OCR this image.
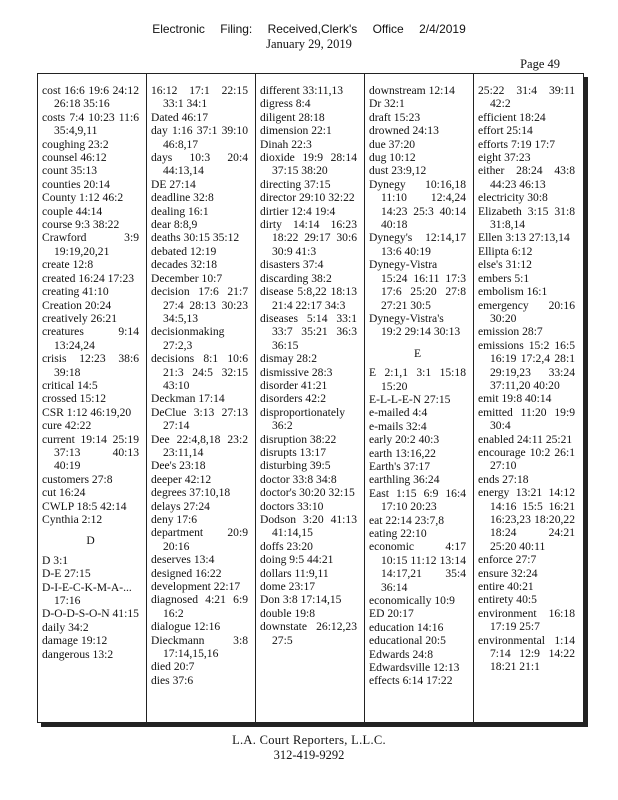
Electronic Filing: Received,Clerk's Office 2/4/2019
January 29, 2019
Page 49

cost 16:6 19:6 24:12 26:18 35:16

costs 7:4 10:23 11:6 35:4,9,11

coughing 23:2

counsel 46:12

count 35:13

counties 20:14

County 1:12 46:2

couple 44:14

course 9:3 38:22

Crawford 3:9 19:19,20,21

create 12:8

created 16:24 17:23

creating 41:10

Creation 20:24

creatively 26:21

creatures 9:14 13:24,24

crisis 12:23 38:6 39:18

critical 14:5

crossed 15:12

CSR 1:12 46:19,20

cure 42:22

current 19:14 25:19 37:13 40:13 40:19

customers 27:8

cut 16:24

CWLP 18:5 42:14

Cynthia 2:12

D

D 3:1

D-E 27:15

D-I-E-C-K-M-A-... 17:16

D-O-D-S-O-N 41:15

daily 34:2

damage 19:12

dangerous 13:2

16:12 17:1 22:15 33:1 34:1

Dated 46:17

day 1:16 37:1 39:10 46:8,17

days 10:3 20:4 44:13,14

DE 27:14

deadline 32:8

dealing 16:1

dear 8:8,9

deaths 30:15 35:12

debated 12:19

decades 32:18

December 10:7

decision 17:6 21:7 27:4 28:13 30:23 34:5,13

decisionmaking 27:2,3

decisions 8:1 10:6 21:3 24:5 32:15 43:10

Deckman 17:14

DeClue 3:13 27:13 27:14

Dee 22:4,8,18 23:2 23:11,14

Dee's 23:18

deeper 42:12

degrees 37:10,18

delays 27:24

deny 17:6

department 20:9 20:16

deserves 13:4

designed 16:22

development 22:17

diagnosed 4:21 6:9 16:2

dialogue 12:16

Dieckmann 3:8 17:14,15,16

died 20:7

dies 37:6

different 33:11,13

digress 8:4

diligent 28:18

dimension 22:1

Dinah 22:3

dioxide 19:9 28:14 37:15 38:20

directing 37:15

director 29:10 32:22

dirtier 12:4 19:4

dirty 14:14 16:23 18:22 29:17 30:6 30:9 41:3

disasters 37:4

discarding 38:2

disease 5:8,22 18:13 21:4 22:17 34:3

diseases 5:14 33:1 33:7 35:21 36:3 36:15

dismay 28:2

dismissive 28:3

disorder 41:21

disorders 42:2

disproportionately 36:2

disruption 38:22

disrupts 13:17

disturbing 39:5

doctor 33:8 34:8

doctor's 30:20 32:15

doctors 33:10

Dodson 3:20 41:13 41:14,15

doffs 23:20

doing 9:5 44:21

dollars 11:9,11

dome 23:17

Don 3:8 17:14,15

double 19:8

downstate 26:12,23 27:5

downstream 12:14

Dr 32:1

draft 15:23

drowned 24:13

due 37:20

dug 10:12

dust 23:9,12

Dynegy 10:16,18 11:10 12:4,24 14:23 25:3 40:14 40:18

Dynegy's 12:14,17 13:6 40:19

Dynegy-Vistra 15:24 16:11 17:3 17:6 25:20 27:8 27:21 30:5

Dynegy-Vistra's 19:2 29:14 30:13

E

E 2:1,1 3:1 15:18 15:20

E-L-L-E-N 27:15

e-mailed 4:4

e-mails 32:4

early 20:2 40:3

earth 13:16,22

Earth's 37:17

earthling 36:24

East 1:15 6:9 16:4 17:10 20:23

eat 22:14 23:7,8

eating 22:10

economic 4:17 10:15 11:12 13:14 14:17,21 35:4 36:14

economically 10:9

ED 20:17

education 14:16

educational 20:5

Edwards 24:8

Edwardsville 12:13

effects 6:14 17:22

25:22 31:4 39:11 42:2

efficient 18:24

effort 25:14

efforts 7:19 17:7

eight 37:23

either 28:24 43:8 44:23 46:13

electricity 30:8

Elizabeth 3:15 31:8 31:8,14

Ellen 3:13 27:13,14

Ellipta 6:12

else's 31:12

embers 5:1

embolism 16:1

emergency 20:16 30:20

emission 28:7

emissions 15:2 16:5 16:19 17:2,4 28:1 29:19,23 33:24 37:11,20 40:20

emit 19:8 40:14

emitted 11:20 19:9 30:4

enabled 24:11 25:21

encourage 10:2 26:1 27:10

ends 27:18

energy 13:21 14:12 14:16 15:5 16:21 16:23,23 18:20,22 18:24 24:21 25:20 40:11

enforce 27:7

ensure 32:24

entire 40:21

entirety 40:5

environment 16:18 17:19 25:7

environmental 1:14 7:14 12:9 14:22 18:21 21:1

L.A. Court Reporters, L.L.C.
312-419-9292
